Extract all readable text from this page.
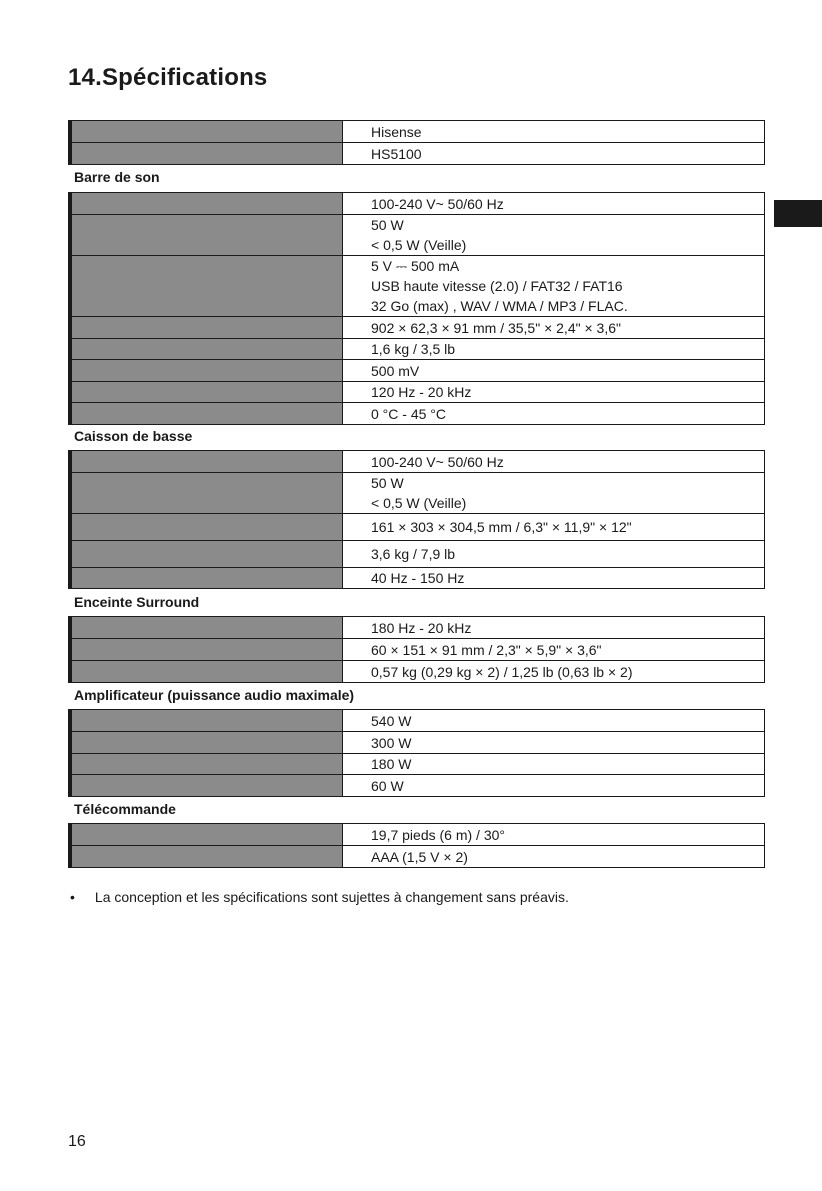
14.Spécifications
Hisense
HS5100
Barre de son
100-240 V~ 50/60 Hz
50 W
< 0,5 W (Veille)
5 V ⎓ 500 mA
USB haute vitesse (2.0) / FAT32 / FAT16
32 Go (max) , WAV / WMA / MP3 / FLAC.
902 × 62,3 × 91 mm / 35,5" × 2,4" × 3,6"
1,6 kg / 3,5 lb
500 mV
120 Hz - 20 kHz
0 °C - 45 °C
Caisson de basse
100-240 V~ 50/60 Hz
50 W
< 0,5 W (Veille)
161 × 303 × 304,5 mm / 6,3" × 11,9" × 12"
3,6 kg / 7,9 lb
40 Hz - 150 Hz
Enceinte Surround
180 Hz - 20 kHz
60 × 151 × 91 mm / 2,3" × 5,9" × 3,6"
0,57 kg (0,29 kg × 2) / 1,25 lb (0,63 lb × 2)
Amplificateur (puissance audio maximale)
540 W
300 W
180 W
60 W
Télécommande
19,7 pieds (6 m) / 30°
AAA (1,5 V × 2)
• La conception et les spécifications sont sujettes à changement sans préavis.
16
